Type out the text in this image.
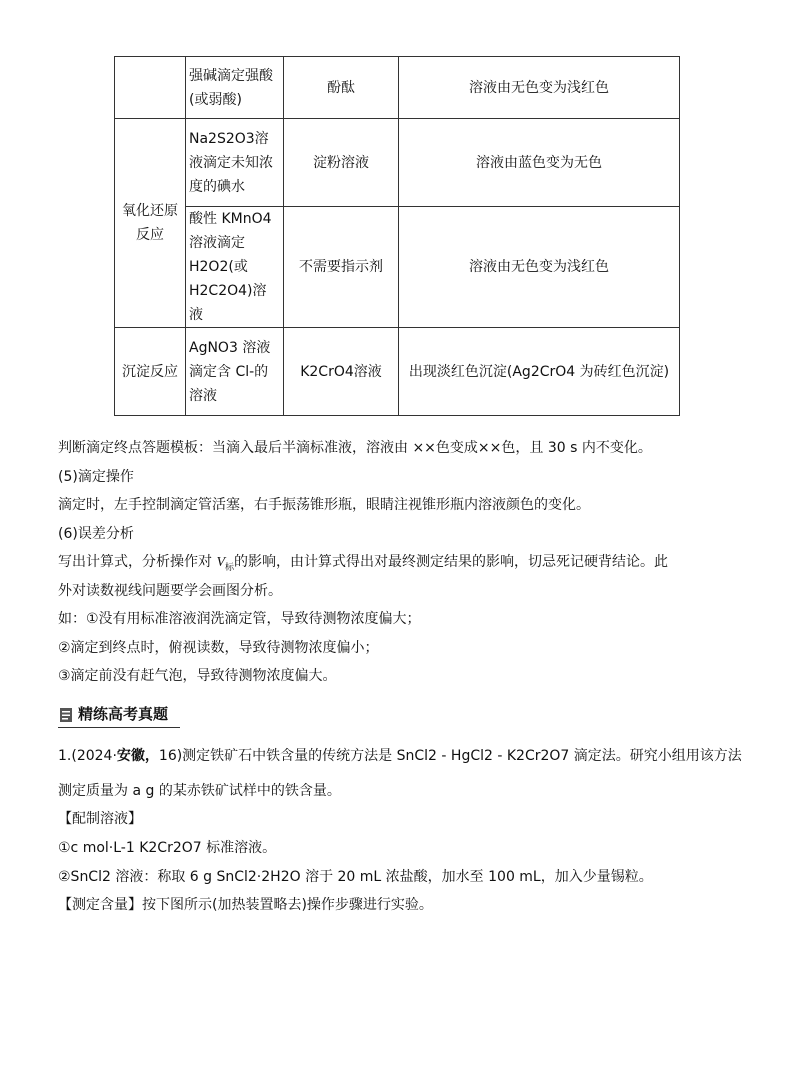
	强碱滴定强酸(或弱酸)	酚酞	溶液由无色变为浅红色
氧化还原反应	Na2S2O3溶液滴定未知浓度的碘水	淀粉溶液	溶液由蓝色变为无色
	酸性 KMnO4溶液滴定H2O2(或H2C2O4)溶液	不需要指示剂	溶液由无色变为浅红色
沉淀反应	AgNO3 溶液滴定含 Cl-的溶液	K2CrO4溶液	出现淡红色沉淀(Ag2CrO4 为砖红色沉淀)
判断滴定终点答题模板：当滴入最后半滴标准液，溶液由 ××色变成××色，且 30 s 内不变化。
(5)滴定操作
滴定时，左手控制滴定管活塞，右手振荡锥形瓶，眼睛注视锥形瓶内溶液颜色的变化。
(6)误差分析
写出计算式，分析操作对 $V_标$的影响，由计算式得出对最终测定结果的影响，切忌死记硬背结论。此
外对读数视线问题要学会画图分析。
如：①没有用标准溶液润洗滴定管，导致待测物浓度偏大；
②滴定到终点时，俯视读数，导致待测物浓度偏小；
③滴定前没有赶气泡，导致待测物浓度偏大。
精练高考真题
1.(2024·安徽，16)测定铁矿石中铁含量的传统方法是 SnCl2 - HgCl2 - K2Cr2O7 滴定法。研究小组用该方法
测定质量为 a g 的某赤铁矿试样中的铁含量。
【配制溶液】
①c mol·L-1 K2Cr2O7 标准溶液。
②SnCl2 溶液：称取 6 g SnCl2·2H2O 溶于 20 mL 浓盐酸，加水至 100 mL，加入少量锡粒。
【测定含量】按下图所示(加热装置略去)操作步骤进行实验。
